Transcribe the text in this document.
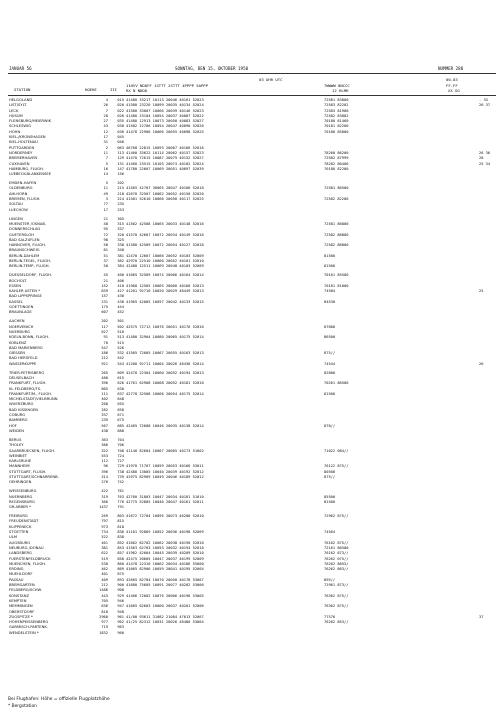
JANUAR 56	SONNTAG, DEN 15. OKTOBER 1950	NUMMER 288
03 UHR UTC	00-03
STATION	HOEHE	III
11HVV NDDFF 1STTT 2STTT 4PPPP 5APPP
RX N NDDD
7WWWW 8NCCC
12 HLMH
FF-FF
XX GG
HELGOLAND	4	015 41480 33217 10113 20046 40161 52023	72581 83800	- 33
LIST/SYLT	26	020 41580 23226 10099 20035 40134 52024	72583 82202	26 37
LECK	7	022 41580 33007 10066 20039 40146 52023	72583 81900
HUSUM	28	026 41480 23104 10054 20037 40087 52022	72582 83802
FLENSBURG/MEIERWIK	27	035 41480 12913 10073 20050 40083 52027	70180 81460
SCHLESWIG	43	030 41582 12706 10054 20047 40090 52026	70181 82200
HOHN	12	036 41470 22906 10066 20055 40098 52025	70180 85000
KIEL-/KRONSHAGEN	17	045
KIEL-HOLTENAU	31	046
PUTTGARDEN	2	063 46760 22815 10093 20067 40166 52016
NORDERNEY	11	113 41460 33622 10114 20062 40157 52023	78260 86200	26 36
BREMERHAVEN	7	129 41470 72615 10087 20075 40152 52027	72582 87999	28
CUXHAVEN	5	131 41460 23515 10103 20074 40102 52024	78282 80400	25 34
HAMBURG, FLUGH.	16	147 41780 22607 10069 20051 40097 52039	70180 82200
LUEBECK-BLANKENSEE	14	156
EMDEN-HAFEN	5	202
OLDENBURG	11	215 41565 42707 30065 20047 40166 52018	72581 86500
AHLHORN	49	218 42670 32507 10062 20052 40150 52020
BREMEN, FLUGH.	3	224 41581 52610 10066 20050 40117 52025	72582 82200
SOLTAU	77	235
LUECHOW	17	253
LINGEN	21	305
MUENSTER /OSNAB.	48	315 41562 42508 10065 20033 40148 52016	72581 86800
DONNERSCHLAG	95	337
GUETERSLOH	72	320 41570 42607 10072 20034 40149 52016	72582 86800
BAD SALZUFLEN	98	325
HANNOVER, FLUGH.	58	338 41580 42509 10072 20054 40127 52018	72582 86800
BRAUNSCHWEIG	81	348
BERLIN-DAHLEM	51	381 42470 12607 10066 20052 40103 52009	81500
BERLIN-TEGEL, FLUGH.	37	382 42970 22510 10060 20052 40101 52010
BERLIN-TEMP., FLUGH.	50	384 42480 12511 10069 20048 40103 52009	81500
DUESSELDORF, FLUGH.	45	400 41665 32509 10074 20066 40164 52014	70161 85500
BOCHOLT	21	406
ESSEN	152	410 41960 12505 10065 20060 40160 52013	70181 81000
KAHLER ASTEN *	839	427 41201 92710 10020 20029 48449 52013	74584	25
BAD LIPPSPRINGE	157	430
KASSEL	231	438 41965 42005 10057 20042 40133 52015	84530
GOETTINGEN	175	444
BRAUNLAGE	607	452
AACHEN	202	501
NOERVENICH	117	502 42575 72712 10076 20051 40176 52016	87800
NUERBURG	627	510
KOELN-BONN, FLUGH.	91	513 41480 32904 10080 20065 40175 52014	86500
KOBLENZ	70	515
BAD MARIENBERG	547	526
GIESSEN	186	532 41565 72005 10067 20055 40163 52013	875//
BAD HERSFELD	212	542
WASSERKUPPE	921	544 41200 92711 10004 20026 48436 52014	74544	26
TRIER-PETRISBERG	265	609 42470 22304 10060 20052 40194 52013	82800
DEUSELBACH	480	615
FRANKFURT, FLUGH.	396	626 41761 62908 10068 20052 40181 52010	70261 86500
KL.FELDBERG/TS.	805	630
FRANKFURT/M., FLUGH.	111	637 42770 32508 10066 20054 40175 52014	81500
MICHELSTADT/VIELBRUNN	402	648
WUERZBURG	268	655
BAD KISSINGEN	282	658
COBURG	337	671
BAMBERG	239	675
HOF	567	685 42465 72608 10046 20035 40138 52014	878//
WEIDEN	438	688
BERUS	363	704
THOLEY	386	706
SAARBRUECKEN, FLUGH.	322	708 41140 82604 10067 20065 40173 51002	71022 084//
WEINBIET	553	724
KARLSRUHE	112	727
MANNHEIM	96	729 41970 71707 10059 20053 40166 53011	76122 875//
STUTTGART, FLUGH.	396	738 42480 13005 10040 20039 40192 52012	80500
STUTTGART/SCHNARRENB.	314	739 42975 82909 10049 20046 40189 52012	875//
OEHRINGEN	276	742
WEISSENBURG	422	761
NUERNBERG	319	763 42760 31803 10047 20034 40181 51010	85500
REGENSBURG	366	776 42775 52805 10046 20047 40161 52011	81500
GR.ARBER *	1437	791
FREIBURG	269	803 41672 72704 10095 20073 40200 52010	72962 875//
FREUDENSTADT	797	815
KLIPPENECK	973	818
STOETTEN	734	836 41101 92809 10052 20036 40198 52009	74564
ULM	522	838
AUGSBURG	461	852 41662 82702 10062 20038 40190 52010	76162 875//
NEUBURG /DONAU	381	853 41563 62703 10053 20032 40194 52010	72161 86500
LANDSBERG	622	857 41962 42004 10045 20039 40209 52010	76162 873//
FUERSTENFELDBRUCK	519	858 42475 20605 10047 20037 40199 52009	76262 075//
MUENCHEN, FLUGH.	530	860 41470 22310 10062 20034 40186 55000	76262 8653/
ERDING	462	869 41665 82906 10059 20041 40195 52004	76262 863//
MUEHLDORF	401	875
PASSAU	409	893 42665 82704 10070 20050 40178 53007	895//
BREMGARTEN	212	900 41680 75605 10091 20077 40202 53006	72961 873//
FELDBERG/SCHW.	1486	908
KONSTANZ	443	929 41466 72002 10076 20066 40196 53005	76362 875//
KEMPTEN	705	946
MEMMINGEN	636	947 41665 62603 10060 20037 40201 52006	76362 875//
OBERSTDORF	810	948
ZUGSPITZE *	2960	961 41/00 93611 31082 21084 47013 52007	77576	37
HOHENPEISSENBERG	977	962 41/25 82312 10031 20026 48480 53004	76262 853//
GARMISCH-PARTENK.	719	963
WENDELSTEIN *	1832	960
Bei Flughafen: Höhe = offizielle Flugplatzhöhe
* Bergstation
